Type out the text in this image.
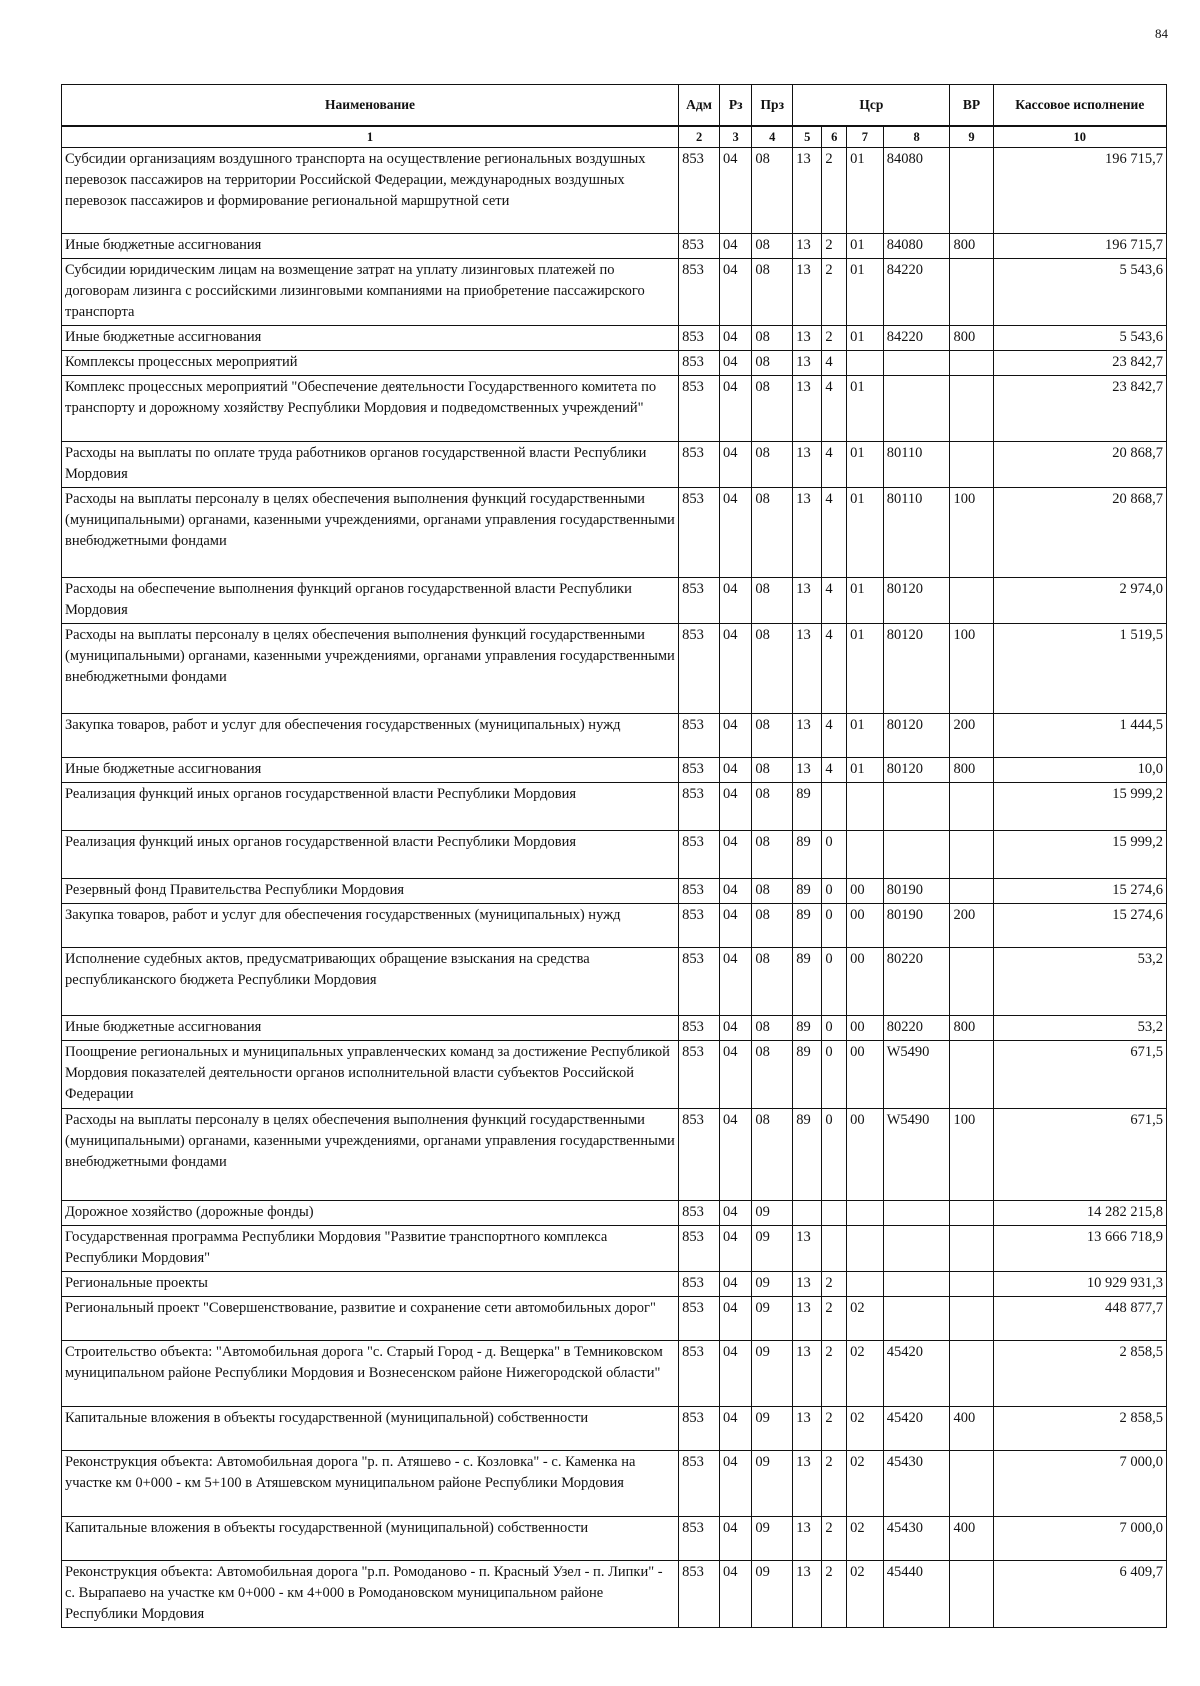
84
Наименование	Адм	Рз	Прз	Цср				ВР	Кассовое исполнение
1	2	3	4	5	6	7	8	9	10
Субсидии организациям воздушного транспорта на осуществление региональных воздушных перевозок пассажиров на территории Российской Федерации, международных воздушных перевозок пассажиров и формирование региональной маршрутной сети	853	04	08	13	2	01	84080		196 715,7
Иные бюджетные ассигнования	853	04	08	13	2	01	84080	800	196 715,7
Субсидии юридическим лицам на возмещение затрат на уплату лизинговых платежей по договорам лизинга с российскими лизинговыми компаниями на приобретение пассажирского транспорта	853	04	08	13	2	01	84220		5 543,6
Иные бюджетные ассигнования	853	04	08	13	2	01	84220	800	5 543,6
Комплексы процессных мероприятий	853	04	08	13	4				23 842,7
Комплекс процессных мероприятий "Обеспечение деятельности Государственного комитета по транспорту и дорожному хозяйству Республики Мордовия и подведомственных учреждений"	853	04	08	13	4	01			23 842,7
Расходы на выплаты по оплате труда работников органов государственной власти Республики Мордовия	853	04	08	13	4	01	80110		20 868,7
Расходы на выплаты персоналу в целях обеспечения выполнения функций государственными (муниципальными) органами, казенными учреждениями, органами управления государственными внебюджетными фондами	853	04	08	13	4	01	80110	100	20 868,7
Расходы на обеспечение выполнения функций органов государственной власти Республики Мордовия	853	04	08	13	4	01	80120		2 974,0
Расходы на выплаты персоналу в целях обеспечения выполнения функций государственными (муниципальными) органами, казенными учреждениями, органами управления государственными внебюджетными фондами	853	04	08	13	4	01	80120	100	1 519,5
Закупка товаров, работ и услуг для обеспечения государственных (муниципальных) нужд	853	04	08	13	4	01	80120	200	1 444,5
Иные бюджетные ассигнования	853	04	08	13	4	01	80120	800	10,0
Реализация функций иных органов государственной власти Республики Мордовия	853	04	08	89					15 999,2
Реализация функций иных органов государственной власти Республики Мордовия	853	04	08	89	0				15 999,2
Резервный фонд Правительства Республики Мордовия	853	04	08	89	0	00	80190		15 274,6
Закупка товаров, работ и услуг для обеспечения государственных (муниципальных) нужд	853	04	08	89	0	00	80190	200	15 274,6
Исполнение судебных актов, предусматривающих обращение взыскания на средства республиканского бюджета Республики Мордовия	853	04	08	89	0	00	80220		53,2
Иные бюджетные ассигнования	853	04	08	89	0	00	80220	800	53,2
Поощрение региональных и муниципальных управленческих команд за достижение Республикой Мордовия показателей деятельности органов исполнительной власти субъектов Российской Федерации	853	04	08	89	0	00	W5490		671,5
Расходы на выплаты персоналу в целях обеспечения выполнения функций государственными (муниципальными) органами, казенными учреждениями, органами управления государственными внебюджетными фондами	853	04	08	89	0	00	W5490	100	671,5
Дорожное хозяйство (дорожные фонды)	853	04	09						14 282 215,8
Государственная программа Республики Мордовия "Развитие транспортного комплекса Республики Мордовия"	853	04	09	13					13 666 718,9
Региональные проекты	853	04	09	13	2				10 929 931,3
Региональный проект "Совершенствование, развитие и сохранение сети автомобильных дорог"	853	04	09	13	2	02			448 877,7
Строительство объекта: "Автомобильная дорога "с. Старый Город - д. Вещерка" в Темниковском муниципальном районе Республики Мордовия и Вознесенском районе Нижегородской области"	853	04	09	13	2	02	45420		2 858,5
Капитальные вложения в объекты государственной (муниципальной) собственности	853	04	09	13	2	02	45420	400	2 858,5
Реконструкция объекта: Автомобильная дорога "р. п. Атяшево - с. Козловка" - с. Каменка на участке км 0+000 - км 5+100 в Атяшевском муниципальном районе Республики Мордовия	853	04	09	13	2	02	45430		7 000,0
Капитальные вложения в объекты государственной (муниципальной) собственности	853	04	09	13	2	02	45430	400	7 000,0
Реконструкция объекта: Автомобильная дорога "р.п. Ромоданово - п. Красный Узел - п. Липки" - с. Вырапаево на участке км 0+000 - км 4+000 в Ромодановском муниципальном районе Республики Мордовия	853	04	09	13	2	02	45440		6 409,7
